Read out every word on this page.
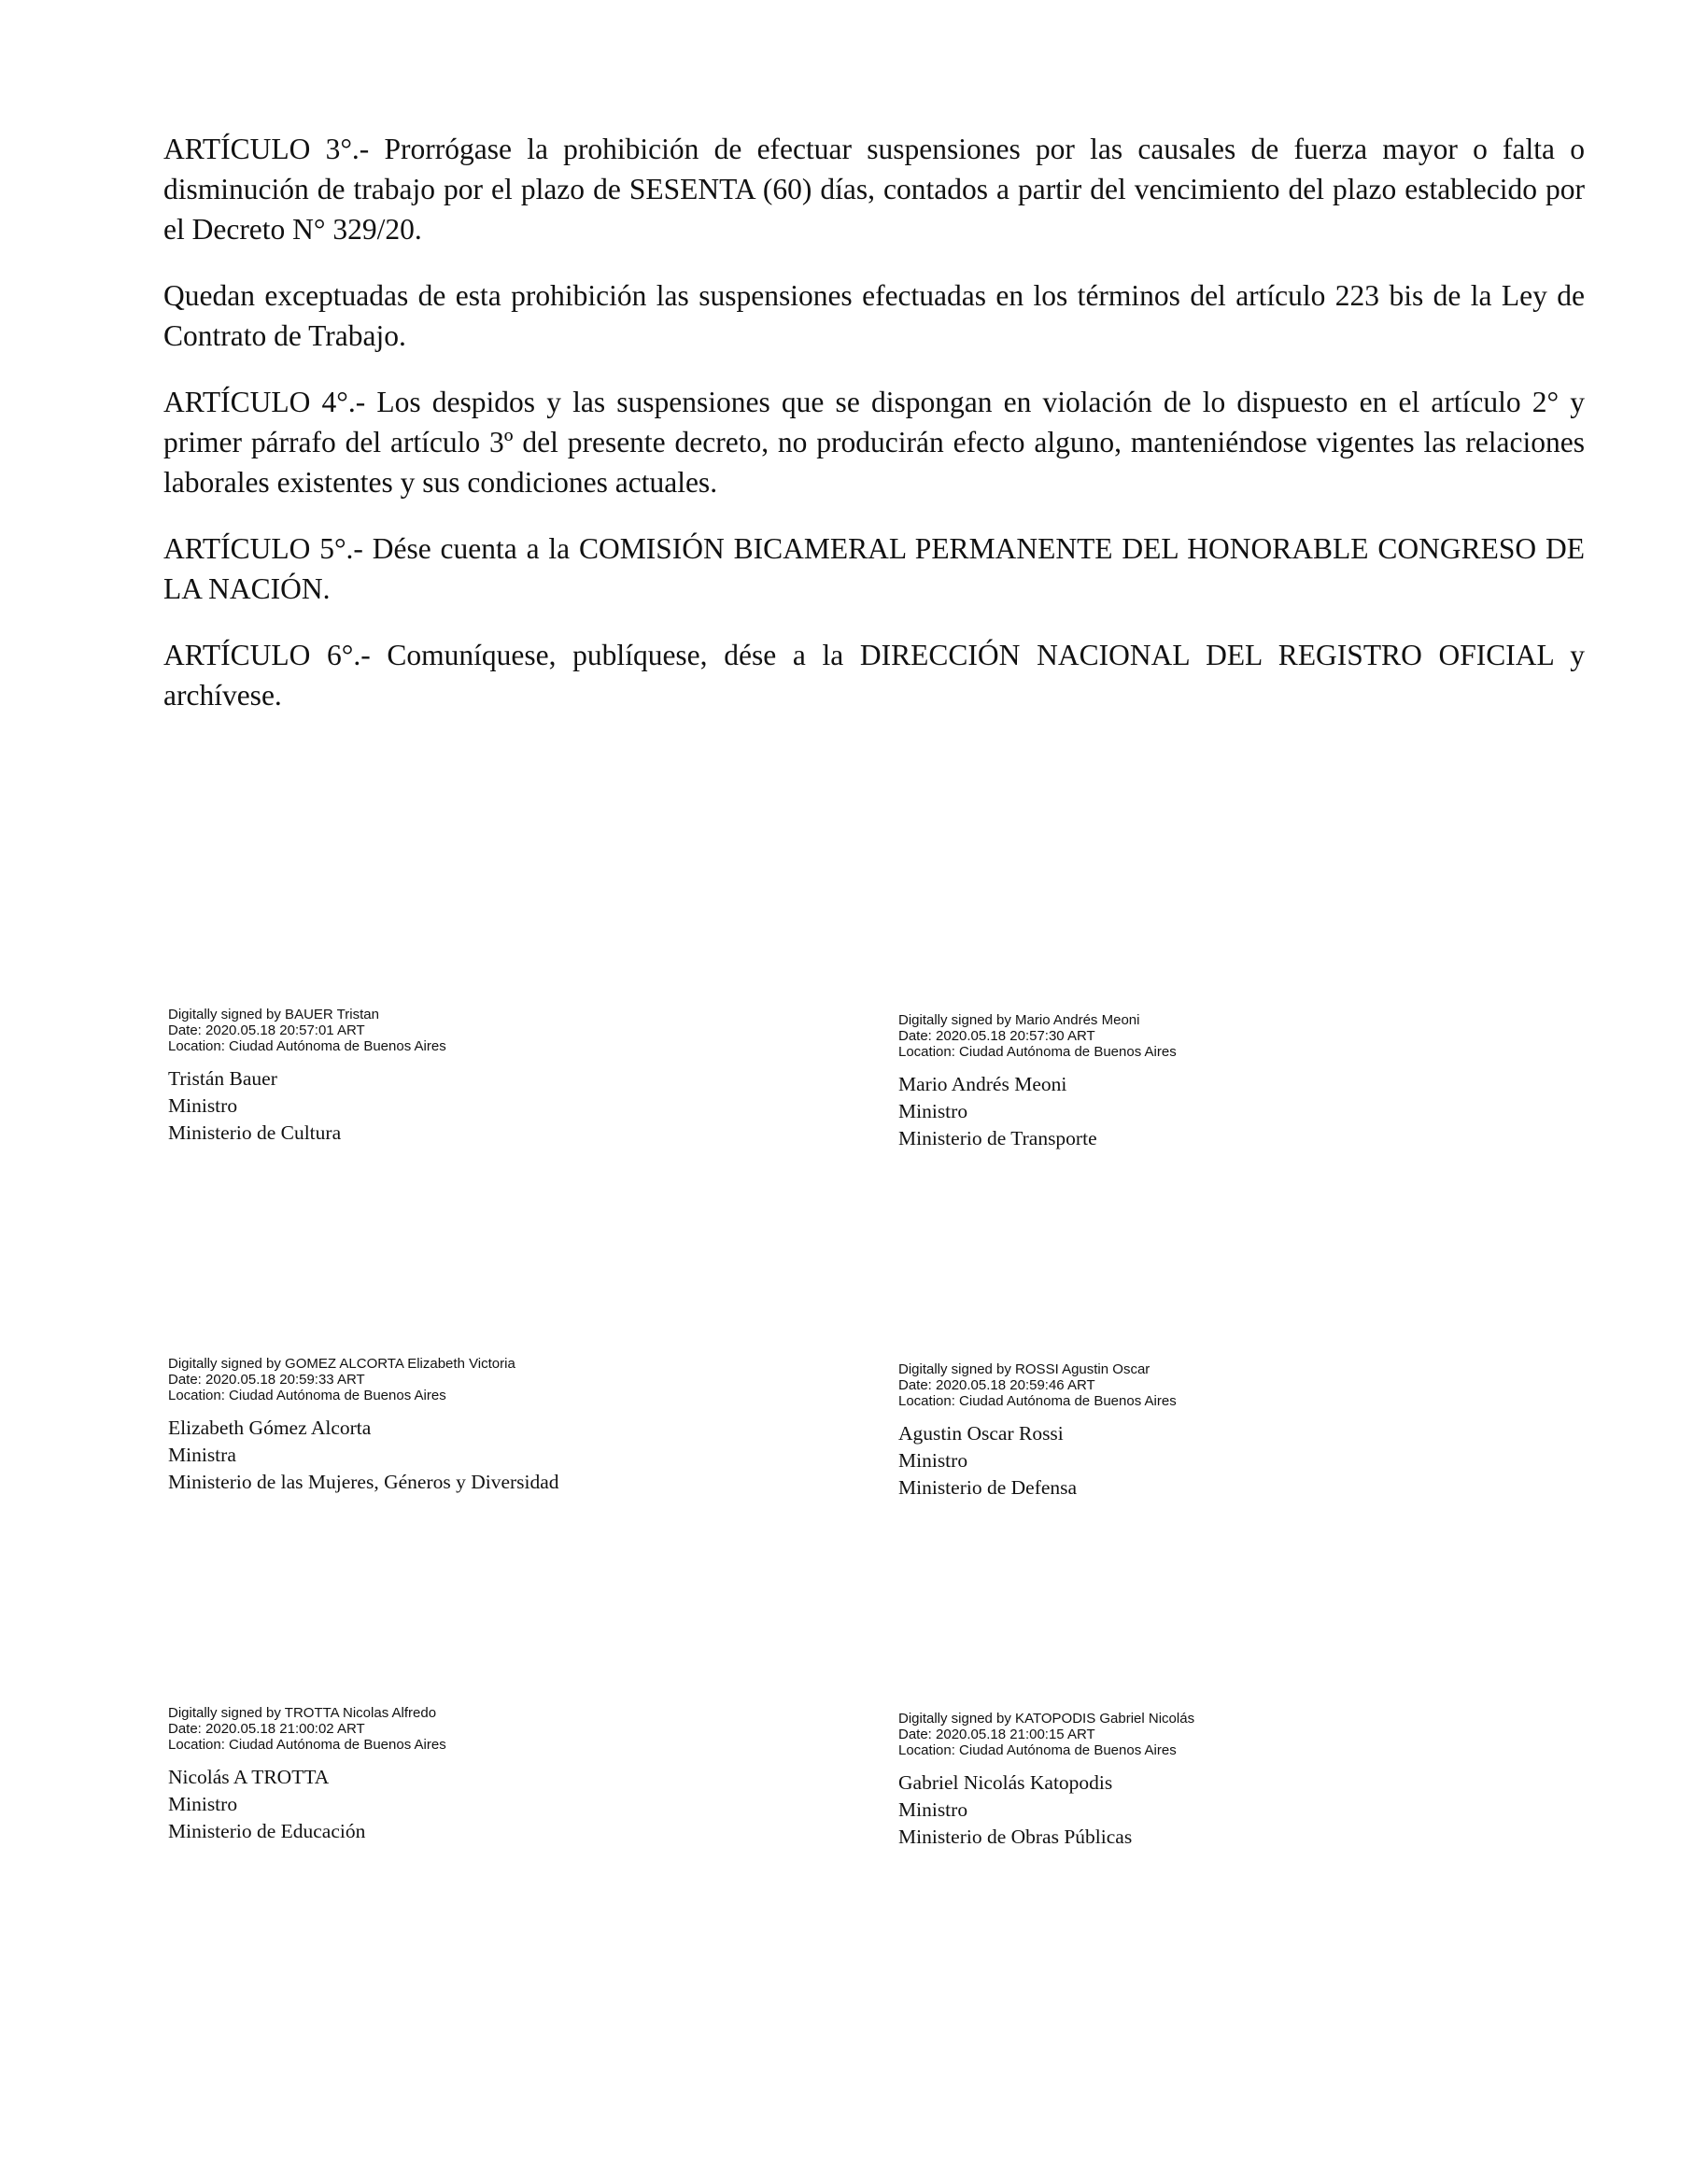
ARTÍCULO 3°.- Prorrógase la prohibición de efectuar suspensiones por las causales de fuerza mayor o falta o disminución de trabajo por el plazo de SESENTA (60) días, contados a partir del vencimiento del plazo establecido por el Decreto N° 329/20.

Quedan exceptuadas de esta prohibición las suspensiones efectuadas en los términos del artículo 223 bis de la Ley de Contrato de Trabajo.

ARTÍCULO 4°.- Los despidos y las suspensiones que se dispongan en violación de lo dispuesto en el artículo 2° y primer párrafo del artículo 3º del presente decreto, no producirán efecto alguno, manteniéndose vigentes las relaciones laborales existentes y sus condiciones actuales.

ARTÍCULO 5°.- Dése cuenta a la COMISIÓN BICAMERAL PERMANENTE DEL HONORABLE CONGRESO DE LA NACIÓN.

ARTÍCULO 6°.- Comuníquese, publíquese, dése a la DIRECCIÓN NACIONAL DEL REGISTRO OFICIAL y archívese.

Digitally signed by BAUER Tristan
Date: 2020.05.18 20:57:01 ART
Location: Ciudad Autónoma de Buenos Aires
Tristán Bauer
Ministro
Ministerio de Cultura
Digitally signed by Mario Andrés Meoni
Date: 2020.05.18 20:57:30 ART
Location: Ciudad Autónoma de Buenos Aires
Mario Andrés Meoni
Ministro
Ministerio de Transporte
Digitally signed by GOMEZ ALCORTA Elizabeth Victoria
Date: 2020.05.18 20:59:33 ART
Location: Ciudad Autónoma de Buenos Aires
Elizabeth Gómez Alcorta
Ministra
Ministerio de las Mujeres, Géneros y Diversidad
Digitally signed by ROSSI Agustin Oscar
Date: 2020.05.18 20:59:46 ART
Location: Ciudad Autónoma de Buenos Aires
Agustin Oscar Rossi
Ministro
Ministerio de Defensa
Digitally signed by TROTTA Nicolas Alfredo
Date: 2020.05.18 21:00:02 ART
Location: Ciudad Autónoma de Buenos Aires
Nicolás A TROTTA
Ministro
Ministerio de Educación
Digitally signed by KATOPODIS Gabriel Nicolás
Date: 2020.05.18 21:00:15 ART
Location: Ciudad Autónoma de Buenos Aires
Gabriel Nicolás Katopodis
Ministro
Ministerio de Obras Públicas
